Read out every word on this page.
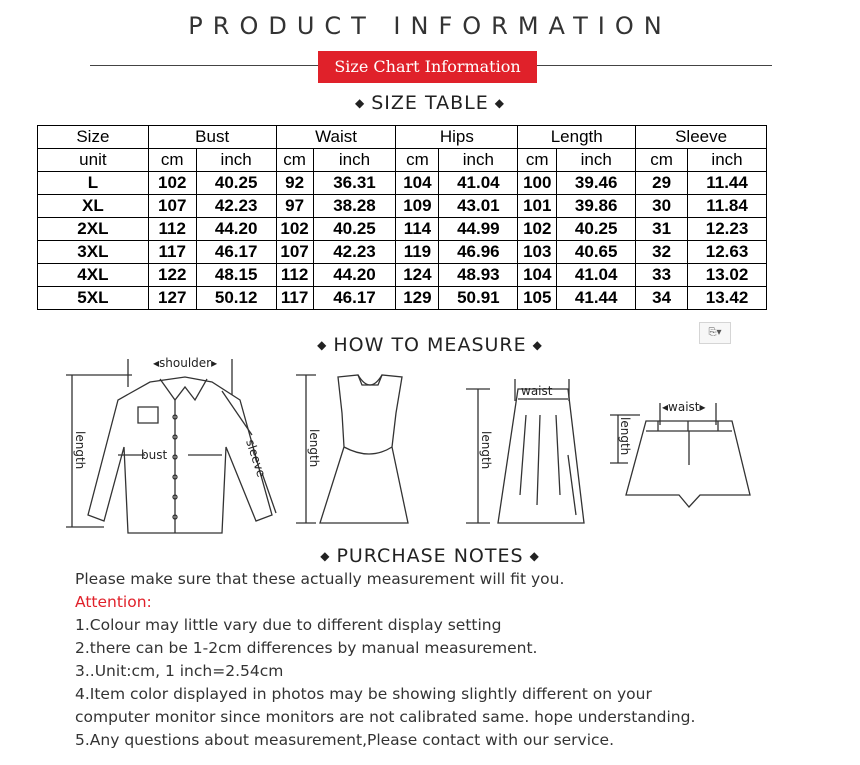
PRODUCT INFORMATION
Size Chart Information
◆ SIZE TABLE ◆
Size	Bust		Waist		Hips		Length		Sleeve	
unit	cm	inch	cm	inch	cm	inch	cm	inch	cm	inch
L	102	40.25	92	36.31	104	41.04	100	39.46	29	11.44
XL	107	42.23	97	38.28	109	43.01	101	39.86	30	11.84
2XL	112	44.20	102	40.25	114	44.99	102	40.25	31	12.23
3XL	117	46.17	107	42.23	119	46.96	103	40.65	32	12.63
4XL	122	48.15	112	44.20	124	48.93	104	41.04	33	13.02
5XL	127	50.12	117	46.17	129	50.91	105	41.44	34	13.42
⎘▾
◆ HOW TO MEASURE ◆
◂shoulder▸
bust	sleeve
length	length	length	length
waist
◂waist▸
◆ PURCHASE NOTES ◆
Please make sure that these actually measurement will fit you.
Attention:
1.Colour may little vary due to different display setting
2.there can be 1-2cm differences by manual measurement.
3..Unit:cm, 1 inch=2.54cm
4.Item color displayed in photos may be showing slightly different on your
computer monitor since monitors are not calibrated same. hope understanding.
5.Any questions about measurement,Please contact with our service.
